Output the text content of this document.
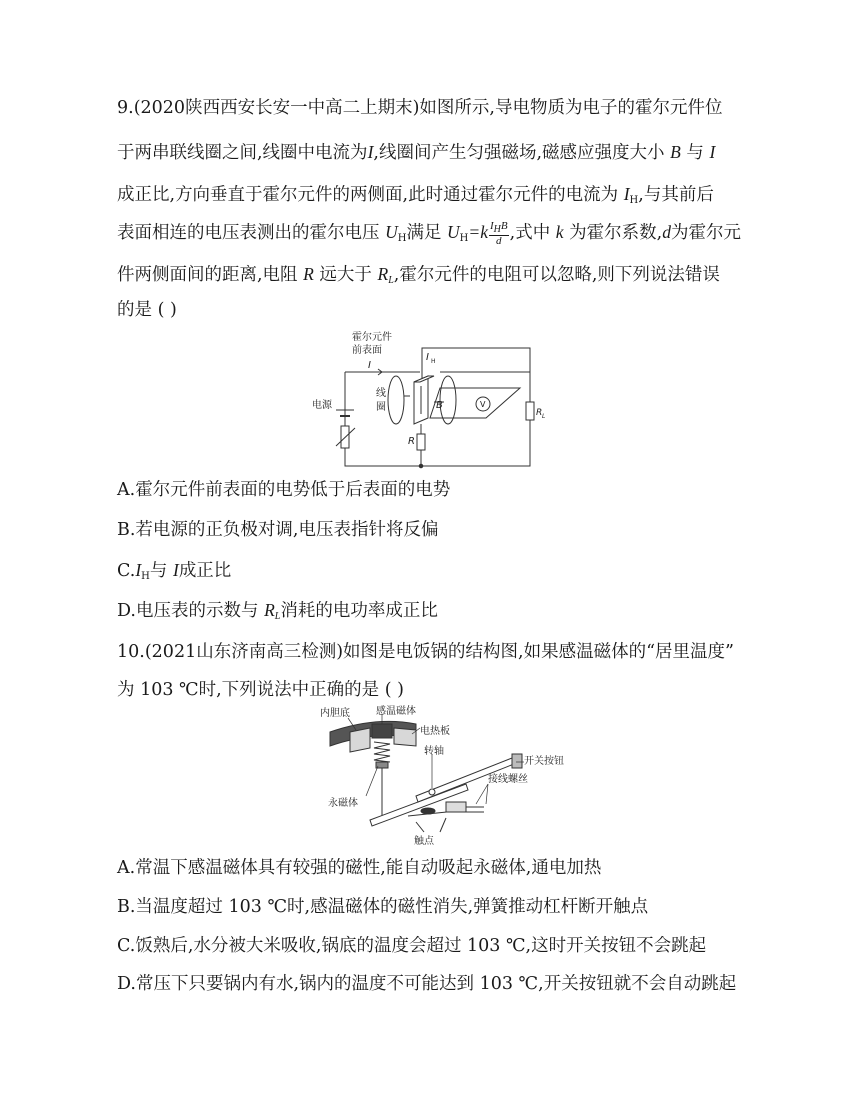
9.(2020陕西西安长安一中高二上期末)如图所示,导电物质为电子的霍尔元件位
于两串联线圈之间,线圈中电流为I,线圈间产生匀强磁场,磁感应强度大小 B 与 I
成正比,方向垂直于霍尔元件的两侧面,此时通过霍尔元件的电流为 $I_H$,与其前后
表面相连的电压表测出的霍尔电压 $U_H$满足 $U_H=k \frac{\text{IHB}}{d}$ ,式中 k 为霍尔系数,d为霍尔元
件两侧面间的距离,电阻 R 远大于 $R_L$,霍尔元件的电阻可以忽略,则下列说法错误
的是 ( )
霍尔元件
前表面
I
I H
线
圈	B	V
电源
R
R L
A.霍尔元件前表面的电势低于后表面的电势
B.若电源的正负极对调,电压表指针将反偏
$C.I_H$与 I成正比
D.电压表的示数与 $R_L$消耗的电功率成正比
10.(2021山东济南高三检测)如图是电饭锅的结构图,如果感温磁体的“居里温度”
为 103 ℃时,下列说法中正确的是 ( )
内胆底	感温磁体
电热板
转轴
开关按钮
永磁体
接线螺丝
触点
A.常温下感温磁体具有较强的磁性,能自动吸起永磁体,通电加热
B.当温度超过 103 ℃时,感温磁体的磁性消失,弹簧推动杠杆断开触点
C.饭熟后,水分被大米吸收,锅底的温度会超过 103 ℃,这时开关按钮不会跳起
D.常压下只要锅内有水,锅内的温度不可能达到 103 ℃,开关按钮就不会自动跳起
